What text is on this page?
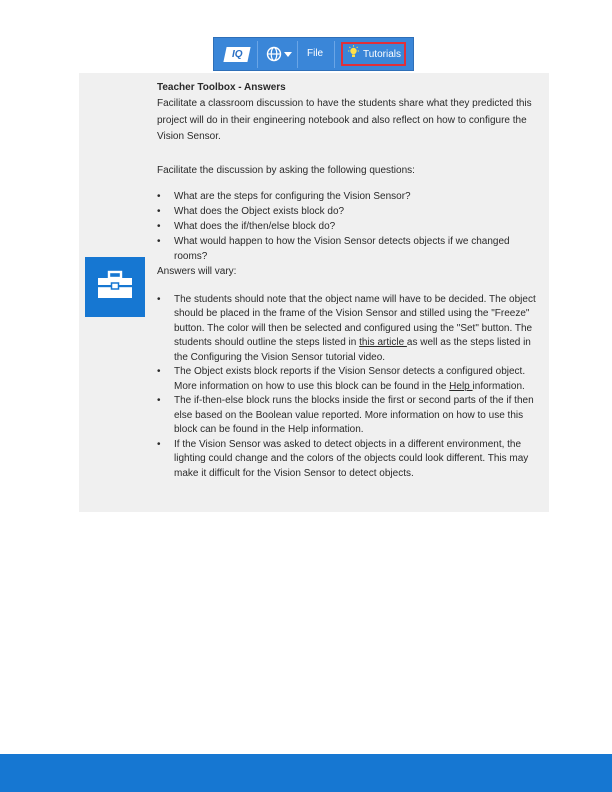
IQ	File	Tutorials

Teacher Toolbox - Answers

Facilitate a classroom discussion to have the students share what they predicted this project will do in their engineering notebook and also reflect on how to configure the Vision Sensor.

Facilitate the discussion by asking the following questions:

• What are the steps for configuring the Vision Sensor?
• What does the Object exists block do?
• What does the if/then/else block do?
• What would happen to how the Vision Sensor detects objects if we changed rooms?

Answers will vary:

• The students should note that the object name will have to be decided. The object should be placed in the frame of the Vision Sensor and stilled using the "Freeze" button. The color will then be selected and configured using the "Set" button. The students should outline the steps listed in this article as well as the steps listed in the Configuring the Vision Sensor tutorial video.
• The Object exists block reports if the Vision Sensor detects a configured object. More information on how to use this block can be found in the Help information.
• The if-then-else block runs the blocks inside the first or second parts of the if then else based on the Boolean value reported. More information on how to use this block can be found in the Help information.
• If the Vision Sensor was asked to detect objects in a different environment, the lighting could change and the colors of the objects could look different. This may make it difficult for the Vision Sensor to detect objects.
